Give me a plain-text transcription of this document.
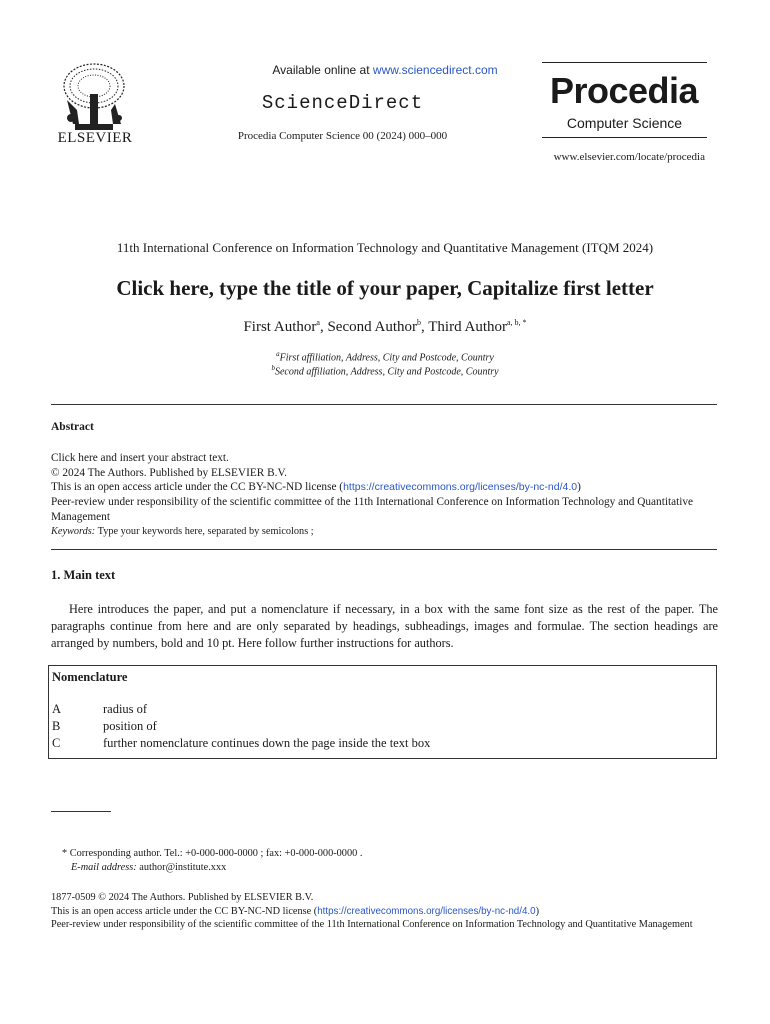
ELSEVIER
Available online at www.sciencedirect.com
ScienceDirect
Procedia Computer Science 00 (2024) 000–000
Procedia
Computer Science
www.elsevier.com/locate/procedia
11th International Conference on Information Technology and Quantitative Management (ITQM 2024)
Click here, type the title of your paper, Capitalize first letter
First Author$^a$, Second Author$^b$, Third Author$^{a, b, *}$
$^a$First affiliation, Address, City and Postcode, Country
$^b$Second affiliation, Address, City and Postcode, Country
Abstract
Click here and insert your abstract text.
© 2024 The Authors. Published by ELSEVIER B.V.
This is an open access article under the CC BY-NC-ND license (https://creativecommons.org/licenses/by-nc-nd/4.0)
Peer-review under responsibility of the scientific committee of the 11th International Conference on Information Technology and Quantitative Management
Keywords: Type your keywords here, separated by semicolons ;
1. Main text
Here introduces the paper, and put a nomenclature if necessary, in a box with the same font size as the rest of the paper. The paragraphs continue from here and are only separated by headings, subheadings, images and formulae. The section headings are arranged by numbers, bold and 10 pt. Here follow further instructions for authors.
Nomenclature
A	radius of
B	position of
C	further nomenclature continues down the page inside the text box
* Corresponding author. Tel.: +0-000-000-0000 ; fax: +0-000-000-0000 .
E-mail address: author@institute.xxx
1877-0509 © 2024 The Authors. Published by ELSEVIER B.V.
This is an open access article under the CC BY-NC-ND license (https://creativecommons.org/licenses/by-nc-nd/4.0)
Peer-review under responsibility of the scientific committee of the 11th International Conference on Information Technology and Quantitative Management
